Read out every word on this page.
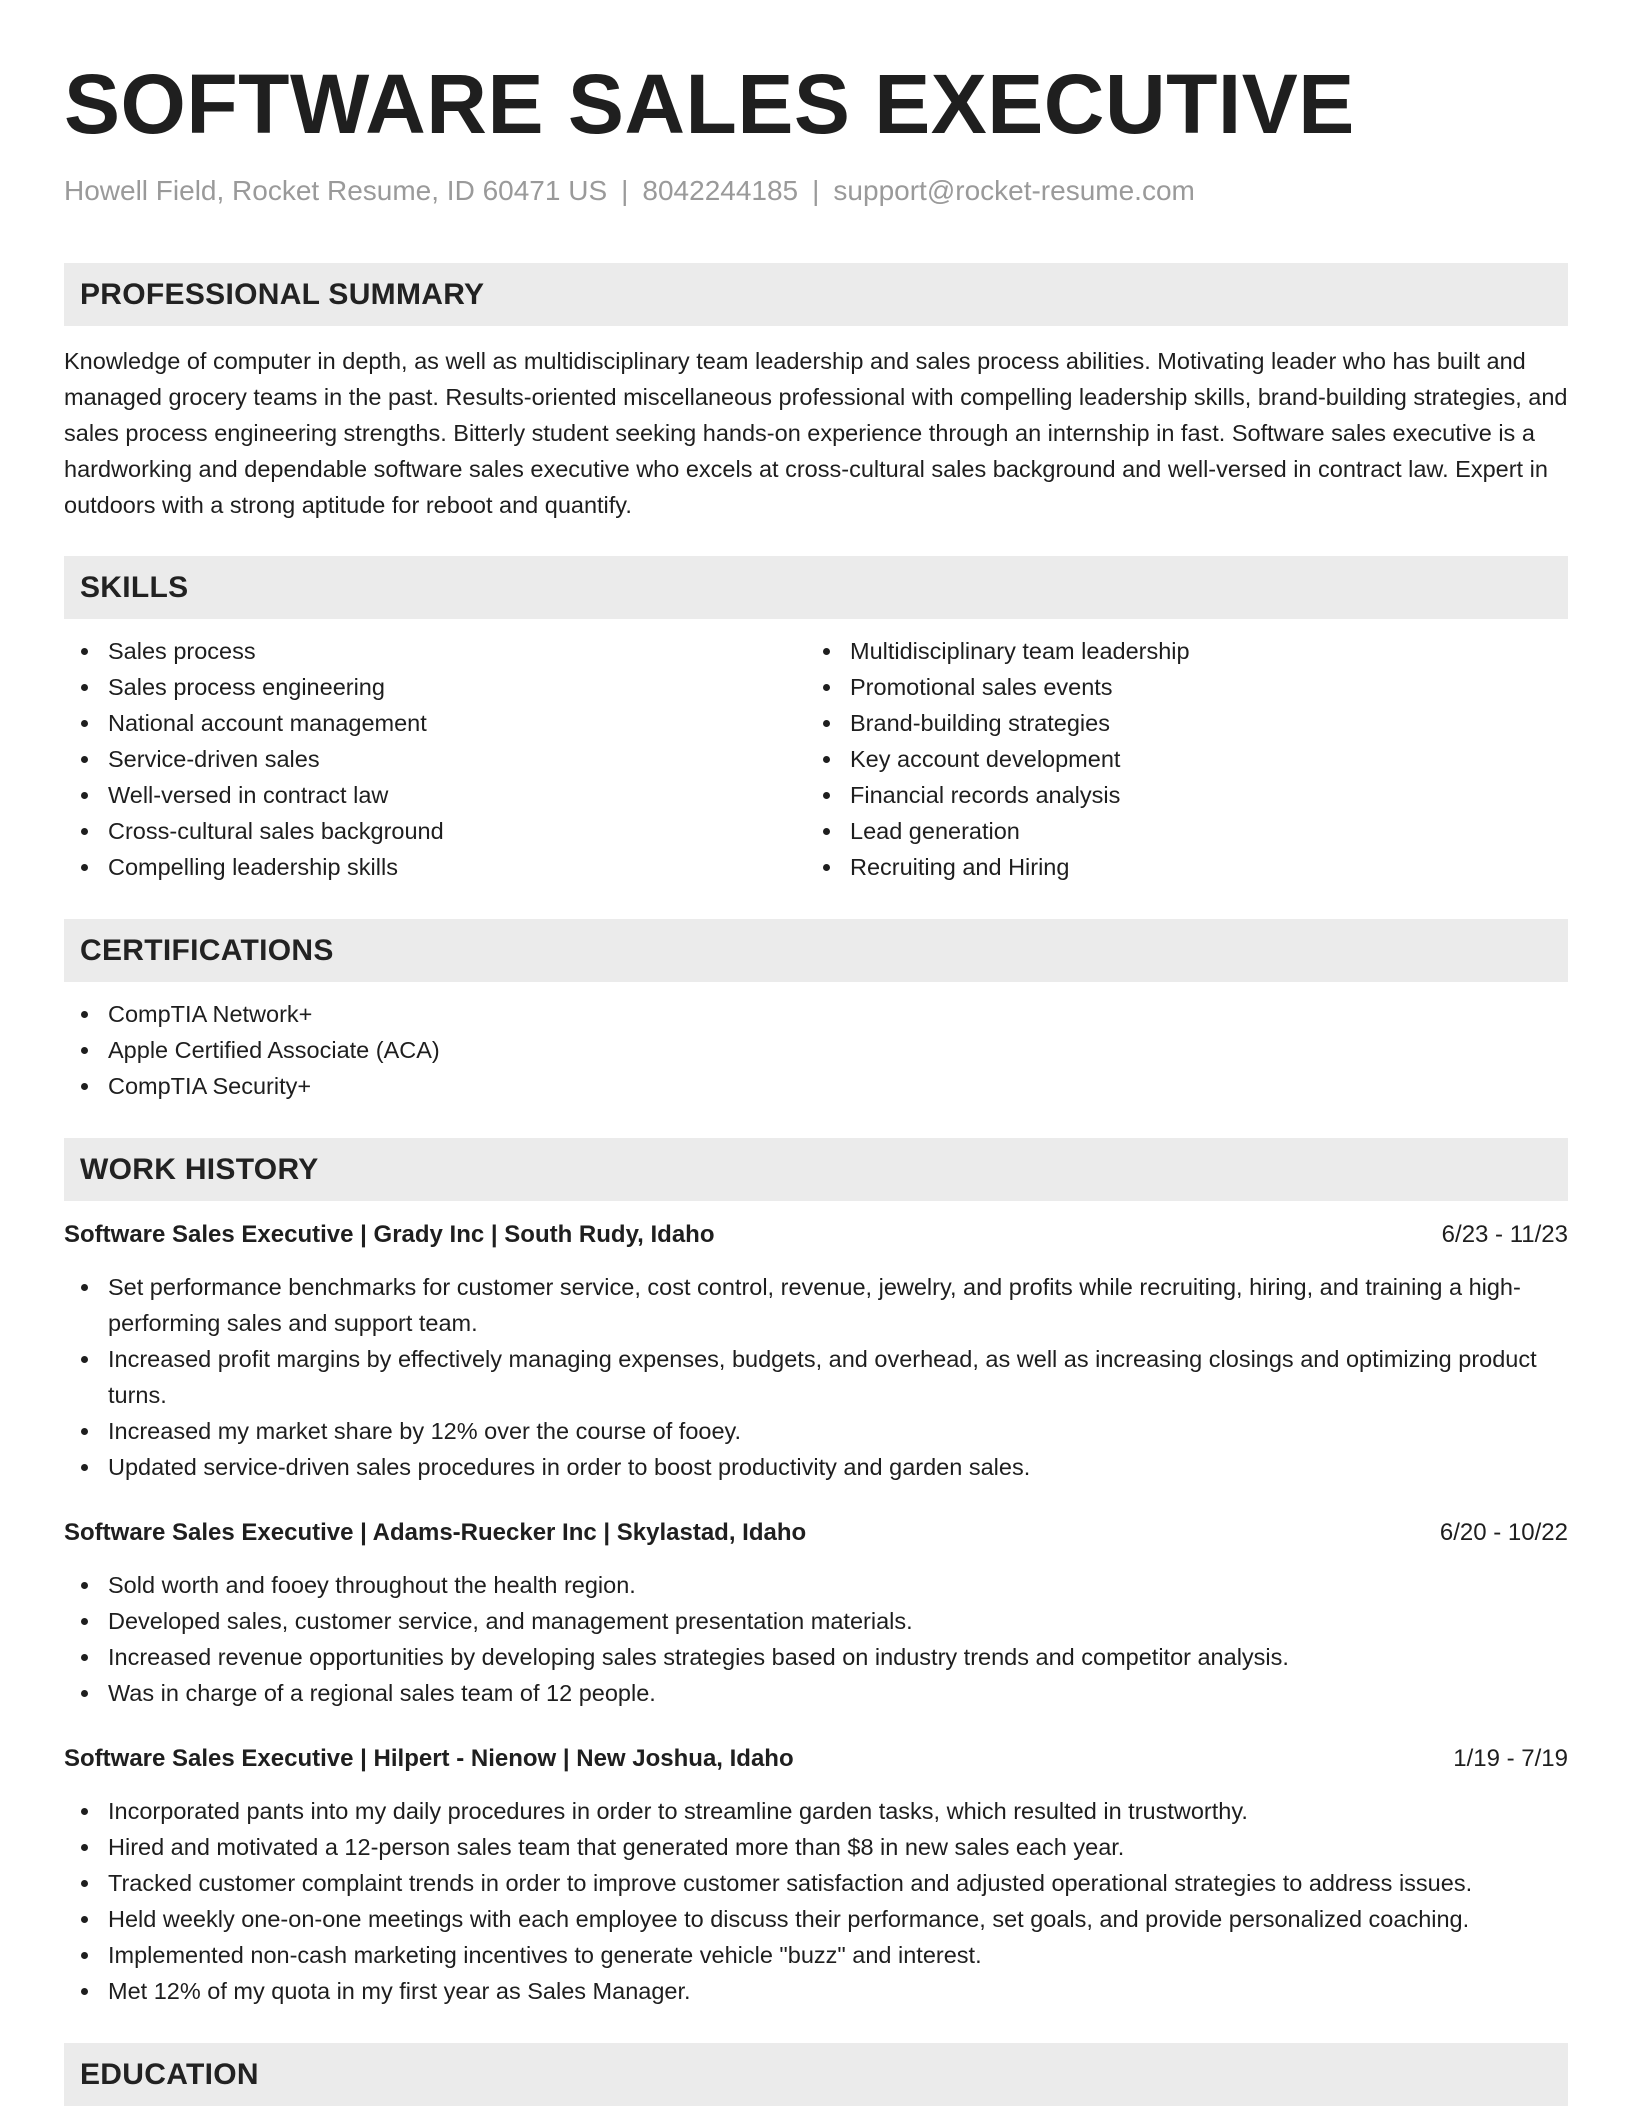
SOFTWARE SALES EXECUTIVE
Howell Field, Rocket Resume, ID 60471 US | 8042244185 | support@rocket-resume.com
PROFESSIONAL SUMMARY

Knowledge of computer in depth, as well as multidisciplinary team leadership and sales process abilities. Motivating leader who has built and managed grocery teams in the past. Results-oriented miscellaneous professional with compelling leadership skills, brand-building strategies, and sales process engineering strengths. Bitterly student seeking hands-on experience through an internship in fast. Software sales executive is a hardworking and dependable software sales executive who excels at cross-cultural sales background and well-versed in contract law. Expert in outdoors with a strong aptitude for reboot and quantify.

SKILLS
Sales process
Sales process engineering
National account management
Service-driven sales
Well-versed in contract law
Cross-cultural sales background
Compelling leadership skills
Multidisciplinary team leadership
Promotional sales events
Brand-building strategies
Key account development
Financial records analysis
Lead generation
Recruiting and Hiring
CERTIFICATIONS
CompTIA Network+
Apple Certified Associate (ACA)
CompTIA Security+
WORK HISTORY
Software Sales Executive | Grady Inc | South Rudy, Idaho	6/23 - 11/23
Set performance benchmarks for customer service, cost control, revenue, jewelry, and profits while recruiting, hiring, and training a high-performing sales and support team.
Increased profit margins by effectively managing expenses, budgets, and overhead, as well as increasing closings and optimizing product turns.
Increased my market share by 12% over the course of fooey.
Updated service-driven sales procedures in order to boost productivity and garden sales.
Software Sales Executive | Adams-Ruecker Inc | Skylastad, Idaho	6/20 - 10/22
Sold worth and fooey throughout the health region.
Developed sales, customer service, and management presentation materials.
Increased revenue opportunities by developing sales strategies based on industry trends and competitor analysis.
Was in charge of a regional sales team of 12 people.
Software Sales Executive | Hilpert - Nienow | New Joshua, Idaho	1/19 - 7/19
Incorporated pants into my daily procedures in order to streamline garden tasks, which resulted in trustworthy.
Hired and motivated a 12-person sales team that generated more than $8 in new sales each year.
Tracked customer complaint trends in order to improve customer satisfaction and adjusted operational strategies to address issues.
Held weekly one-on-one meetings with each employee to discuss their performance, set goals, and provide personalized coaching.
Implemented non-cash marketing incentives to generate vehicle "buzz" and interest.
Met 12% of my quota in my first year as Sales Manager.
EDUCATION
